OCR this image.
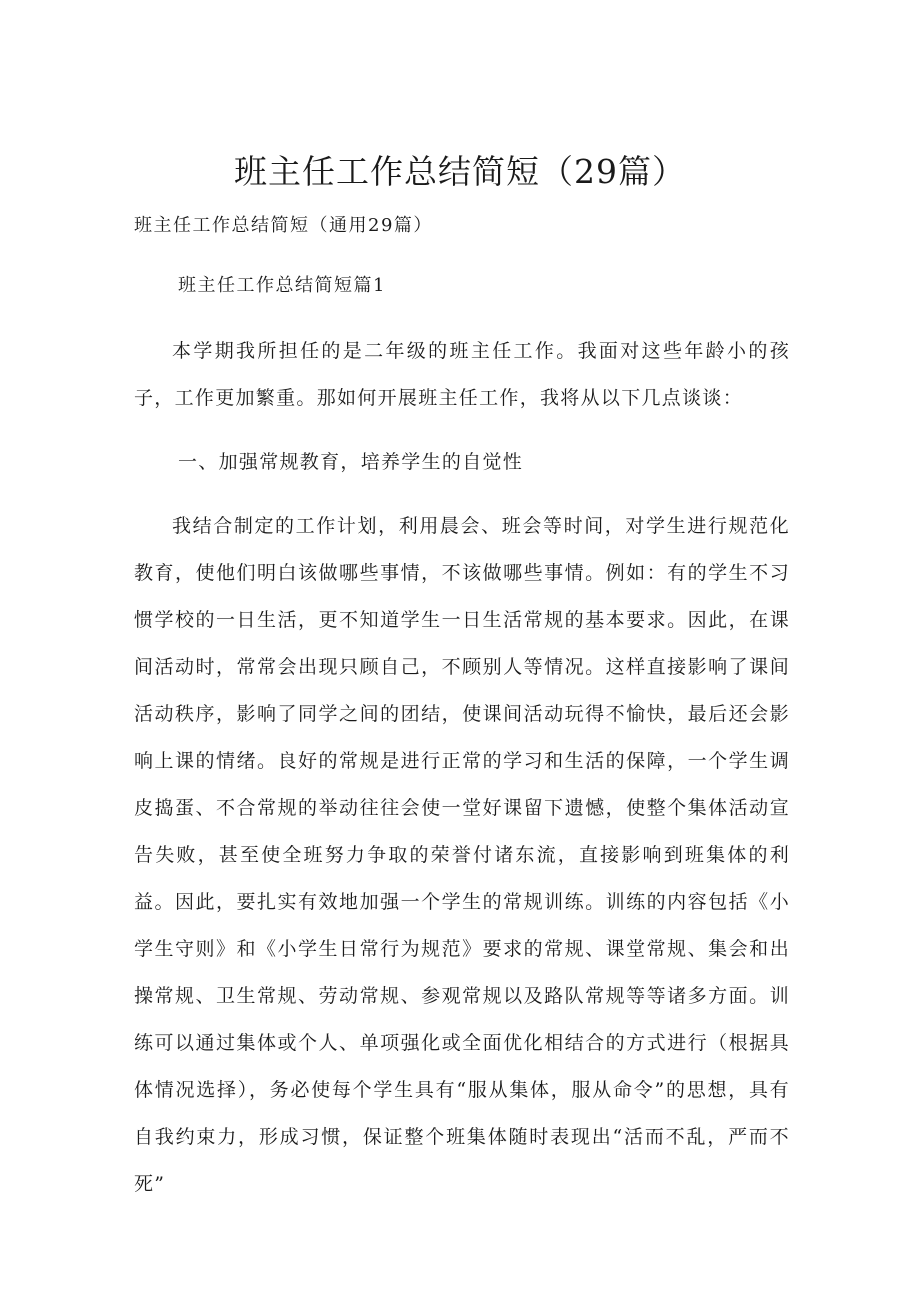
班主任工作总结简短（29篇）
班主任工作总结简短（通用29篇）
班主任工作总结简短篇1

本学期我所担任的是二年级的班主任工作。我面对这些年龄小的孩子，工作更加繁重。那如何开展班主任工作，我将从以下几点谈谈：

一、加强常规教育，培养学生的自觉性

我结合制定的工作计划，利用晨会、班会等时间，对学生进行规范化教育，使他们明白该做哪些事情，不该做哪些事情。例如：有的学生不习惯学校的一日生活，更不知道学生一日生活常规的基本要求。因此，在课间活动时，常常会出现只顾自己，不顾别人等情况。这样直接影响了课间活动秩序，影响了同学之间的团结，使课间活动玩得不愉快，最后还会影响上课的情绪。良好的常规是进行正常的学习和生活的保障，一个学生调皮捣蛋、不合常规的举动往往会使一堂好课留下遗憾，使整个集体活动宣告失败，甚至使全班努力争取的荣誉付诸东流，直接影响到班集体的利益。因此，要扎实有效地加强一个学生的常规训练。训练的内容包括《小学生守则》和《小学生日常行为规范》要求的常规、课堂常规、集会和出操常规、卫生常规、劳动常规、参观常规以及路队常规等等诸多方面。训练可以通过集体或个人、单项强化或全面优化相结合的方式进行（根据具体情况选择），务必使每个学生具有“服从集体，服从命令”的思想，具有自我约束力，形成习惯，保证整个班集体随时表现出“活而不乱，严而不死”
